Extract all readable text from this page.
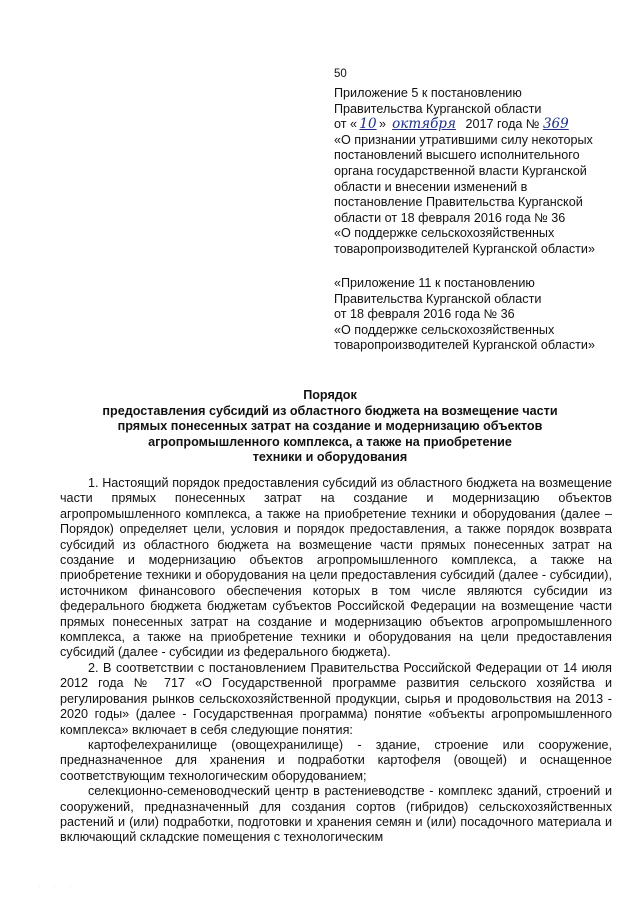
50
Приложение 5 к постановлению
Правительства Курганской области
от « 10 » октября 2017 года № 369
«О признании утратившими силу некоторых
постановлений высшего исполнительного
органа государственной власти Курганской
области и внесении изменений в
постановление Правительства Курганской
области от 18 февраля 2016 года № 36
«О поддержке сельскохозяйственных
товаропроизводителей Курганской области»
«Приложение 11 к постановлению
Правительства Курганской области
от 18 февраля 2016 года № 36
«О поддержке сельскохозяйственных
товаропроизводителей Курганской области»
Порядок
предоставления субсидий из областного бюджета на возмещение части
прямых понесенных затрат на создание и модернизацию объектов
агропромышленного комплекса, а также на приобретение
техники и оборудования

1. Настоящий порядок предоставления субсидий из областного бюджета на возмещение части прямых понесенных затрат на создание и модернизацию объектов агропромышленного комплекса, а также на приобретение техники и оборудования (далее – Порядок) определяет цели, условия и порядок предоставления, а также порядок возврата субсидий из областного бюджета на возмещение части прямых понесенных затрат на создание и модернизацию объектов агропромышленного комплекса, а также на приобретение техники и оборудования на цели предоставления субсидий (далее - субсидии), источником финансового обеспечения которых в том числе являются субсидии из федерального бюджета бюджетам субъектов Российской Федерации на возмещение части прямых понесенных затрат на создание и модернизацию объектов агропромышленного комплекса, а также на приобретение техники и оборудования на цели предоставления субсидий (далее - субсидии из федерального бюджета).

2. В соответствии с постановлением Правительства Российской Федерации от 14 июля 2012 года № 717 «О Государственной программе развития сельского хозяйства и регулирования рынков сельскохозяйственной продукции, сырья и продовольствия на 2013 - 2020 годы» (далее - Государственная программа) понятие «объекты агропромышленного комплекса» включает в себя следующие понятия:

картофелехранилище (овощехранилище) - здание, строение или сооружение, предназначенное для хранения и подработки картофеля (овощей) и оснащенное соответствующим технологическим оборудованием;

селекционно-семеноводческий центр в растениеводстве - комплекс зданий, строений и сооружений, предназначенный для создания сортов (гибридов) сельскохозяйственных растений и (или) подработки, подготовки и хранения семян и (или) посадочного материала и включающий складские помещения с технологическим

· · ·
